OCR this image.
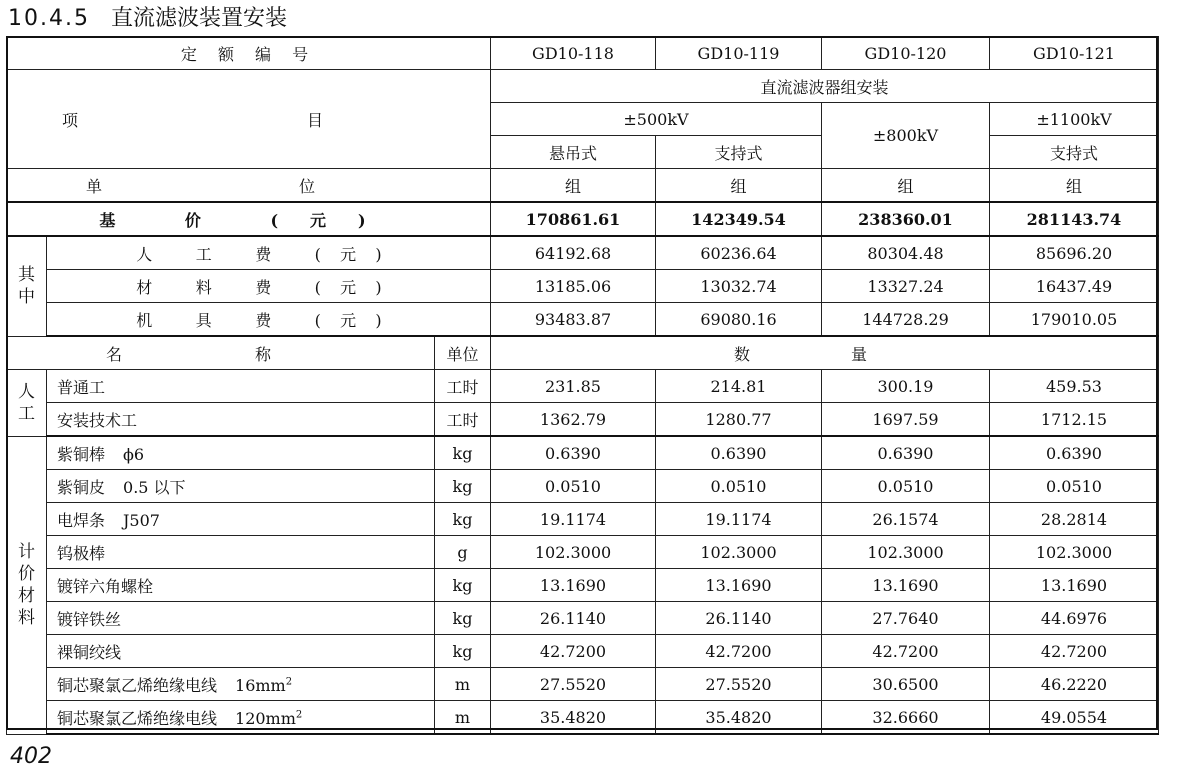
10.4.5 直流滤波装置安装
定 额 编 号			GD10-118	GD10-119	GD10-120	GD10-121
项 目			直流滤波器组安装			
			±500kV		±800kV	±1100kV
			悬吊式	支持式		支持式
单 位			组	组	组	组
基 价 (元)			170861.61	142349.54	238360.01	281143.74
其 中	人 工 费 (元)		64192.68	60236.64	80304.48	85696.20
	材 料 费 (元)		13185.06	13032.74	13327.24	16437.49
	机 具 费 (元)		93483.87	69080.16	144728.29	179010.05
名 称		单位	数 量			
人 工	普通工	工时	231.85	214.81	300.19	459.53
	安装技术工	工时	1362.79	1280.77	1697.59	1712.15
计 价 材 料	紫铜棒 ϕ6	kg	0.6390	0.6390	0.6390	0.6390
	紫铜皮 0.5 以下	kg	0.0510	0.0510	0.0510	0.0510
	电焊条 J507	kg	19.1174	19.1174	26.1574	28.2814
	钨极棒	g	102.3000	102.3000	102.3000	102.3000
	镀锌六角螺栓	kg	13.1690	13.1690	13.1690	13.1690
	镀锌铁丝	kg	26.1140	26.1140	27.7640	44.6976
	裸铜绞线	kg	42.7200	42.7200	42.7200	42.7200
	铜芯聚氯乙烯绝缘电线 $16mm^2$	m	27.5520	27.5520	30.6500	46.2220
	铜芯聚氯乙烯绝缘电线 $120mm^2$	m	35.4820	35.4820	32.6660	49.0554
402
